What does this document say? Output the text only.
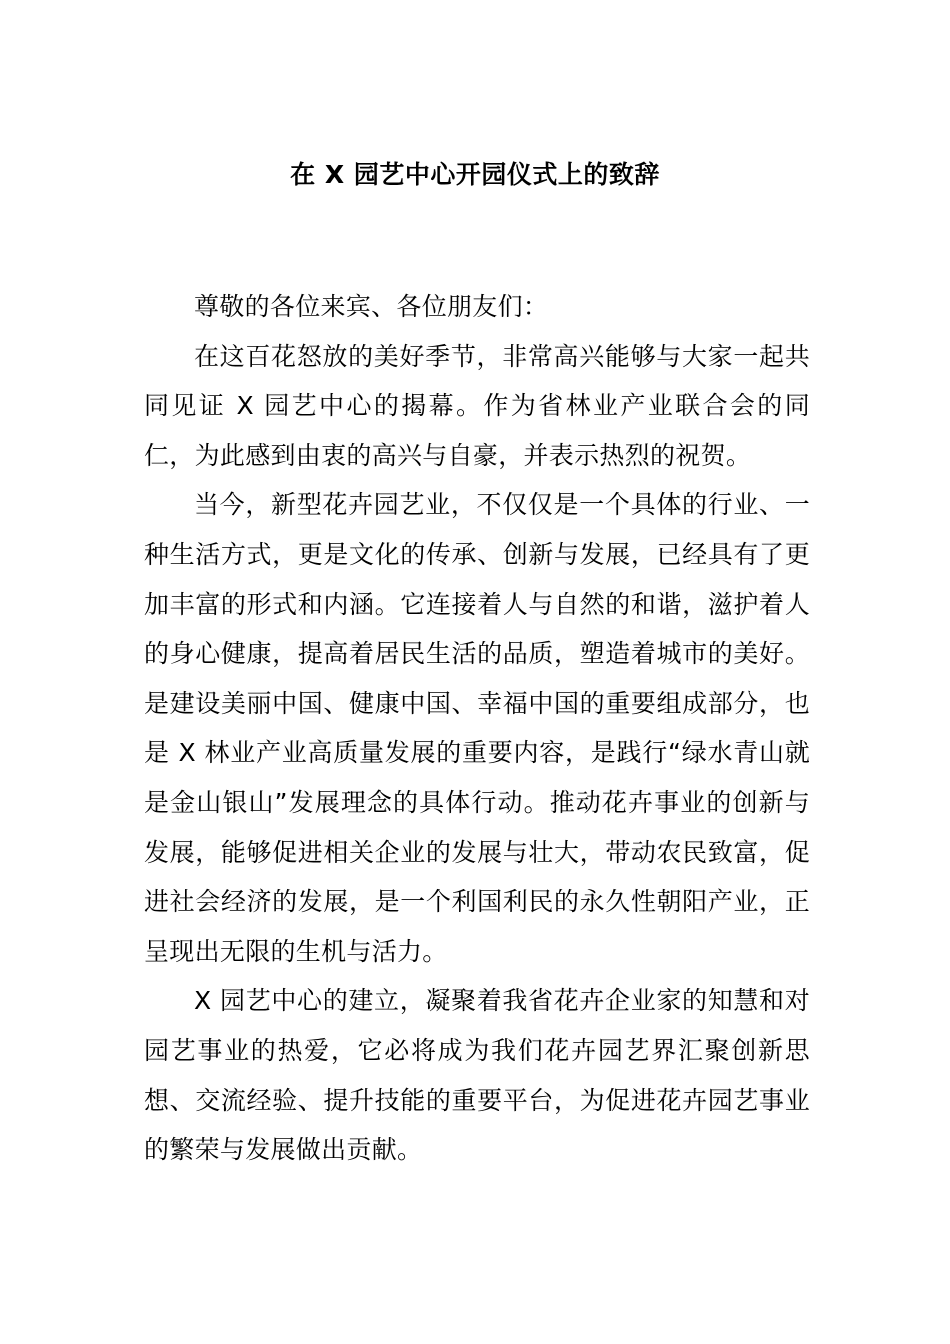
在 X 园艺中心开园仪式上的致辞

尊敬的各位来宾、各位朋友们：

在这百花怒放的美好季节，非常高兴能够与大家一起共同见证 X 园艺中心的揭幕。作为省林业产业联合会的同仁，为此感到由衷的高兴与自豪，并表示热烈的祝贺。

当今，新型花卉园艺业，不仅仅是一个具体的行业、一种生活方式，更是文化的传承、创新与发展，已经具有了更加丰富的形式和内涵。它连接着人与自然的和谐，滋护着人的身心健康，提高着居民生活的品质，塑造着城市的美好。是建设美丽中国、健康中国、幸福中国的重要组成部分，也是 X 林业产业高质量发展的重要内容，是践行“绿水青山就是金山银山”发展理念的具体行动。推动花卉事业的创新与发展，能够促进相关企业的发展与壮大，带动农民致富，促进社会经济的发展，是一个利国利民的永久性朝阳产业，正呈现出无限的生机与活力。

X 园艺中心的建立，凝聚着我省花卉企业家的知慧和对园艺事业的热爱，它必将成为我们花卉园艺界汇聚创新思想、交流经验、提升技能的重要平台，为促进花卉园艺事业的繁荣与发展做出贡献。
